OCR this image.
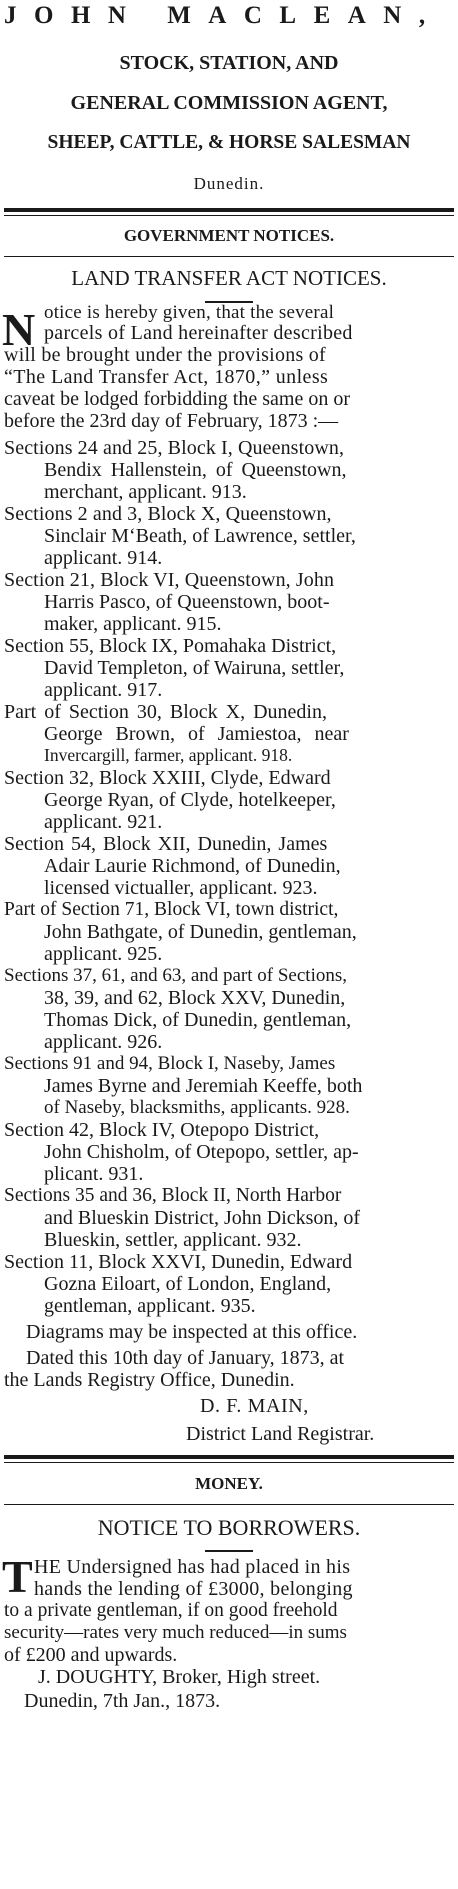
JOHN MACLEAN,
STOCK, STATION, AND
GENERAL COMMISSION AGENT,
SHEEP, CATTLE, & HORSE SALESMAN
Dunedin.
GOVERNMENT NOTICES.
LAND TRANSFER ACT NOTICES.
N otice is hereby given, that the several
parcels of Land hereinafter described
will be brought under the provisions of
“The Land Transfer Act, 1870,” unless
caveat be lodged forbidding the same on or
before the 23rd day of February, 1873 :—
Sections 24 and 25, Block I, Queenstown,
Bendix Hallenstein, of Queenstown,
merchant, applicant. 913.
Sections 2 and 3, Block X, Queenstown,
Sinclair M‘Beath, of Lawrence, settler,
applicant. 914.
Section 21, Block VI, Queenstown, John
Harris Pasco, of Queenstown, boot-
maker, applicant. 915.
Section 55, Block IX, Pomahaka District,
David Templeton, of Wairuna, settler,
applicant. 917.
Part of Section 30, Block X, Dunedin,
George Brown, of Jamiestoa, near
Invercargill, farmer, applicant. 918.
Section 32, Block XXIII, Clyde, Edward
George Ryan, of Clyde, hotelkeeper,
applicant. 921.
Section 54, Block XII, Dunedin, James
Adair Laurie Richmond, of Dunedin,
licensed victualler, applicant. 923.
Part of Section 71, Block VI, town district,
John Bathgate, of Dunedin, gentleman,
applicant. 925.
Sections 37, 61, and 63, and part of Sections,
38, 39, and 62, Block XXV, Dunedin,
Thomas Dick, of Dunedin, gentleman,
applicant. 926.
Sections 91 and 94, Block I, Naseby, James
James Byrne and Jeremiah Keeffe, both
of Naseby, blacksmiths, applicants. 928.
Section 42, Block IV, Otepopo District,
John Chisholm, of Otepopo, settler, ap-
plicant. 931.
Sections 35 and 36, Block II, North Harbor
and Blueskin District, John Dickson, of
Blueskin, settler, applicant. 932.
Section 11, Block XXVI, Dunedin, Edward
Gozna Eiloart, of London, England,
gentleman, applicant. 935.
Diagrams may be inspected at this office.
Dated this 10th day of January, 1873, at
the Lands Registry Office, Dunedin.
D. F. MAIN,
District Land Registrar.
MONEY.
NOTICE TO BORROWERS.
T HE Undersigned has had placed in his
hands the lending of £3000, belonging
to a private gentleman, if on good freehold
security—rates very much reduced—in sums
of £200 and upwards.
J. DOUGHTY, Broker, High street.
Dunedin, 7th Jan., 1873.
